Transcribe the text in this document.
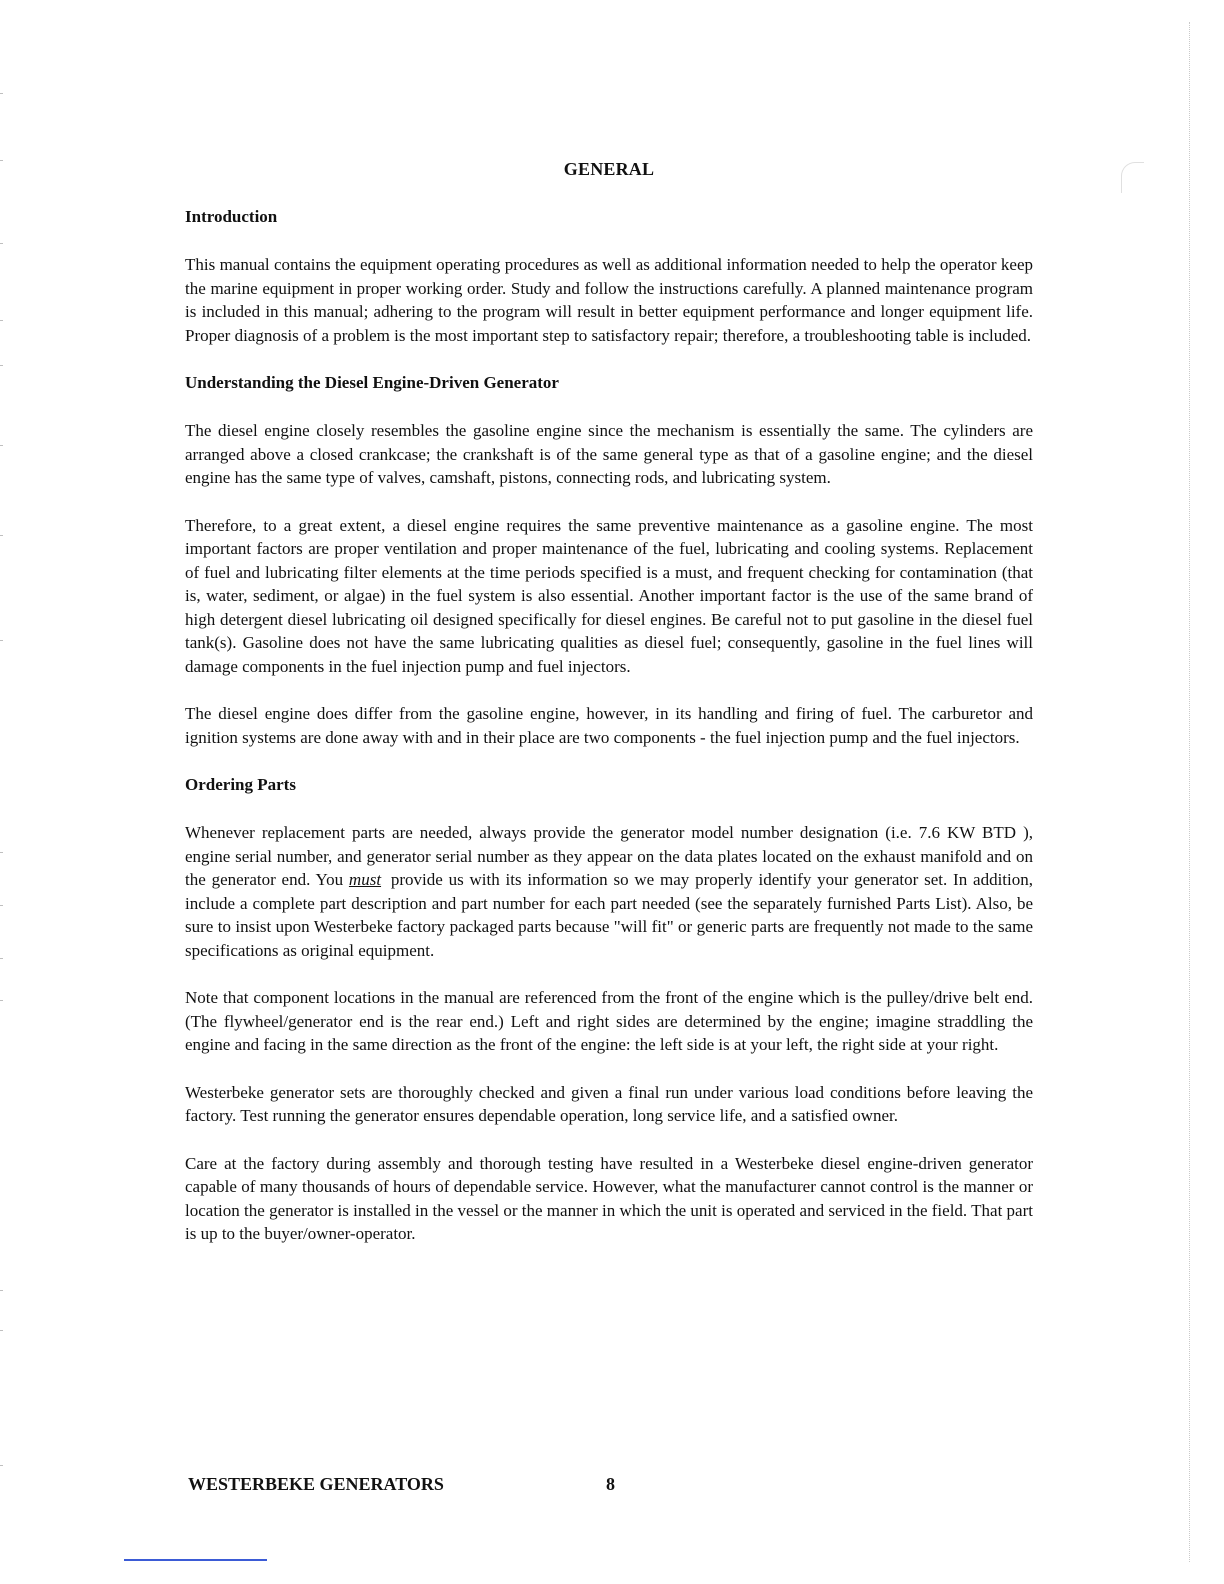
GENERAL
Introduction

This manual contains the equipment operating procedures as well as additional information needed to help the operator keep the marine equipment in proper working order. Study and follow the instructions carefully. A planned maintenance program is included in this manual; adhering to the program will result in better equipment performance and longer equipment life. Proper diagnosis of a problem is the most important step to satisfactory repair; therefore, a troubleshooting table is included.

Understanding the Diesel Engine-Driven Generator

The diesel engine closely resembles the gasoline engine since the mechanism is essentially the same. The cylinders are arranged above a closed crankcase; the crankshaft is of the same general type as that of a gasoline engine; and the diesel engine has the same type of valves, camshaft, pistons, connecting rods, and lubricating system.

Therefore, to a great extent, a diesel engine requires the same preventive maintenance as a gasoline engine. The most important factors are proper ventilation and proper maintenance of the fuel, lubricating and cooling systems. Replacement of fuel and lubricating filter elements at the time periods specified is a must, and frequent checking for contamination (that is, water, sediment, or algae) in the fuel system is also essential. Another important factor is the use of the same brand of high detergent diesel lubricating oil designed specifically for diesel engines. Be careful not to put gasoline in the diesel fuel tank(s). Gasoline does not have the same lubricating qualities as diesel fuel; consequently, gasoline in the fuel lines will damage components in the fuel injection pump and fuel injectors.

The diesel engine does differ from the gasoline engine, however, in its handling and firing of fuel. The carburetor and ignition systems are done away with and in their place are two components - the fuel injection pump and the fuel injectors.

Ordering Parts

Whenever replacement parts are needed, always provide the generator model number designation (i.e. 7.6 KW BTD ), engine serial number, and generator serial number as they appear on the data plates located on the exhaust manifold and on the generator end. You must provide us with its information so we may properly identify your generator set. In addition, include a complete part description and part number for each part needed (see the separately furnished Parts List). Also, be sure to insist upon Westerbeke factory packaged parts because "will fit" or generic parts are frequently not made to the same specifications as original equipment.

Note that component locations in the manual are referenced from the front of the engine which is the pulley/drive belt end. (The flywheel/generator end is the rear end.) Left and right sides are determined by the engine; imagine straddling the engine and facing in the same direction as the front of the engine: the left side is at your left, the right side at your right.

Westerbeke generator sets are thoroughly checked and given a final run under various load conditions before leaving the factory. Test running the generator ensures dependable operation, long service life, and a satisfied owner.

Care at the factory during assembly and thorough testing have resulted in a Westerbeke diesel engine-driven generator capable of many thousands of hours of dependable service. However, what the manufacturer cannot control is the manner or location the generator is installed in the vessel or the manner in which the unit is operated and serviced in the field. That part is up to the buyer/owner-operator.

WESTERBEKE GENERATORS	8
